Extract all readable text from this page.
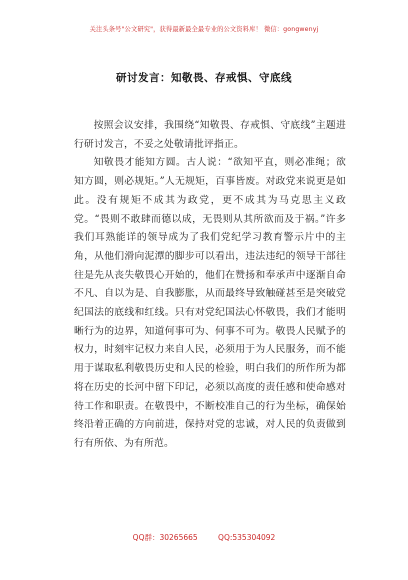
关注头条号"公文研究"，获得最新最全最专业的公文资料库！ 微信：gongwenyj
研讨发言：知敬畏、存戒惧、守底线

按照会议安排，我围绕“知敬畏、存戒惧、守底线”主题进行研讨发言，不妥之处敬请批评指正。

知敬畏才能知方圆。古人说：“欲知平直，则必准绳；欲知方圆，则必规矩。”人无规矩，百事皆废。对政党来说更是如此。没有规矩不成其为政党，更不成其为马克思主义政党。“畏则不敢肆而德以成，无畏则从其所欲而及于祸。”许多我们耳熟能详的领导成为了我们党纪学习教育警示片中的主角，从他们滑向泥潭的脚步可以看出，违法违纪的领导干部往往是先从丧失敬畏心开始的，他们在赞扬和奉承声中逐渐自命不凡、自以为是、自我膨胀，从而最终导致触碰甚至是突破党纪国法的底线和红线。只有对党纪国法心怀敬畏，我们才能明晰行为的边界，知道何事可为、何事不可为。敬畏人民赋予的权力，时刻牢记权力来自人民，必须用于为人民服务，而不能用于谋取私利敬畏历史和人民的检验，明白我们的所作所为都将在历史的长河中留下印记，必须以高度的责任感和使命感对待工作和职责。在敬畏中，不断校准自己的行为坐标，确保始终沿着正确的方向前进，保持对党的忠诚，对人民的负责做到行有所依、为有所范。

QQ群：30265665	QQ:535304092
